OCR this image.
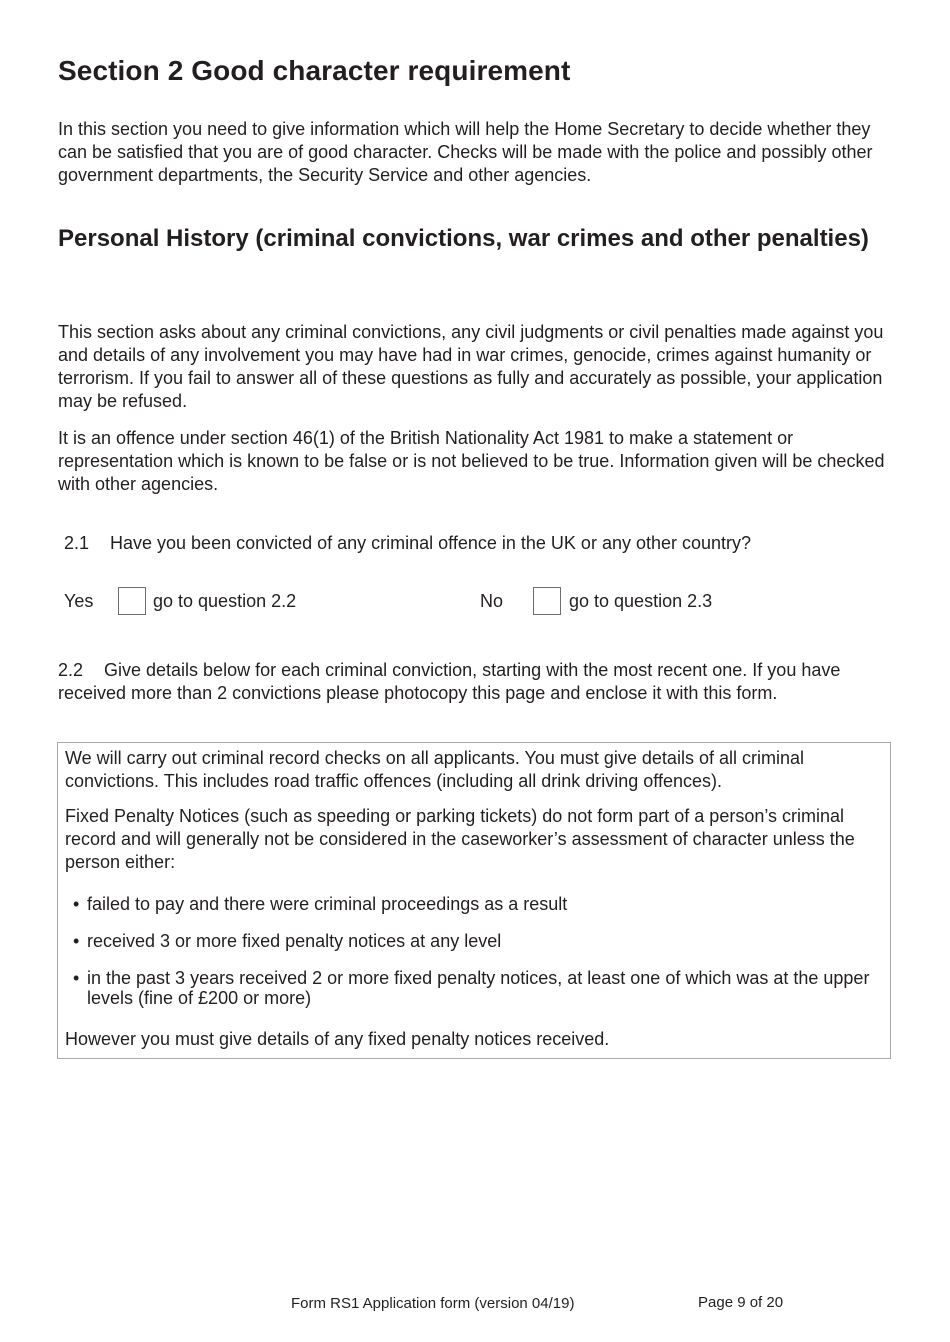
Section 2 Good character requirement

In this section you need to give information which will help the Home Secretary to decide whether they can be satisfied that you are of good character. Checks will be made with the police and possibly other government departments, the Security Service and other agencies.

Personal History (criminal convictions, war crimes and other penalties)

This section asks about any criminal convictions, any civil judgments or civil penalties made against you and details of any involvement you may have had in war crimes, genocide, crimes against humanity or terrorism. If you fail to answer all of these questions as fully and accurately as possible, your application may be refused.

It is an offence under section 46(1) of the British Nationality Act 1981 to make a statement or representation which is known to be false or is not believed to be true. Information given will be checked with other agencies.

2.1 Have you been convicted of any criminal offence in the UK or any other country?
Yes	go to question 2.2	No	go to question 2.3
2.2	Give details below for each criminal conviction, starting with the most recent one. If you have received more than 2 convictions please photocopy this page and enclose it with this form.

We will carry out criminal record checks on all applicants. You must give details of all criminal convictions. This includes road traffic offences (including all drink driving offences).

Fixed Penalty Notices (such as speeding or parking tickets) do not form part of a person’s criminal record and will generally not be considered in the caseworker’s assessment of character unless the person either:

• failed to pay and there were criminal proceedings as a result
• received 3 or more fixed penalty notices at any level
• in the past 3 years received 2 or more fixed penalty notices, at least one of which was at the upper levels (fine of £200 or more)

However you must give details of any fixed penalty notices received.

Form RS1 Application form (version 04/19)	Page 9 of 20
